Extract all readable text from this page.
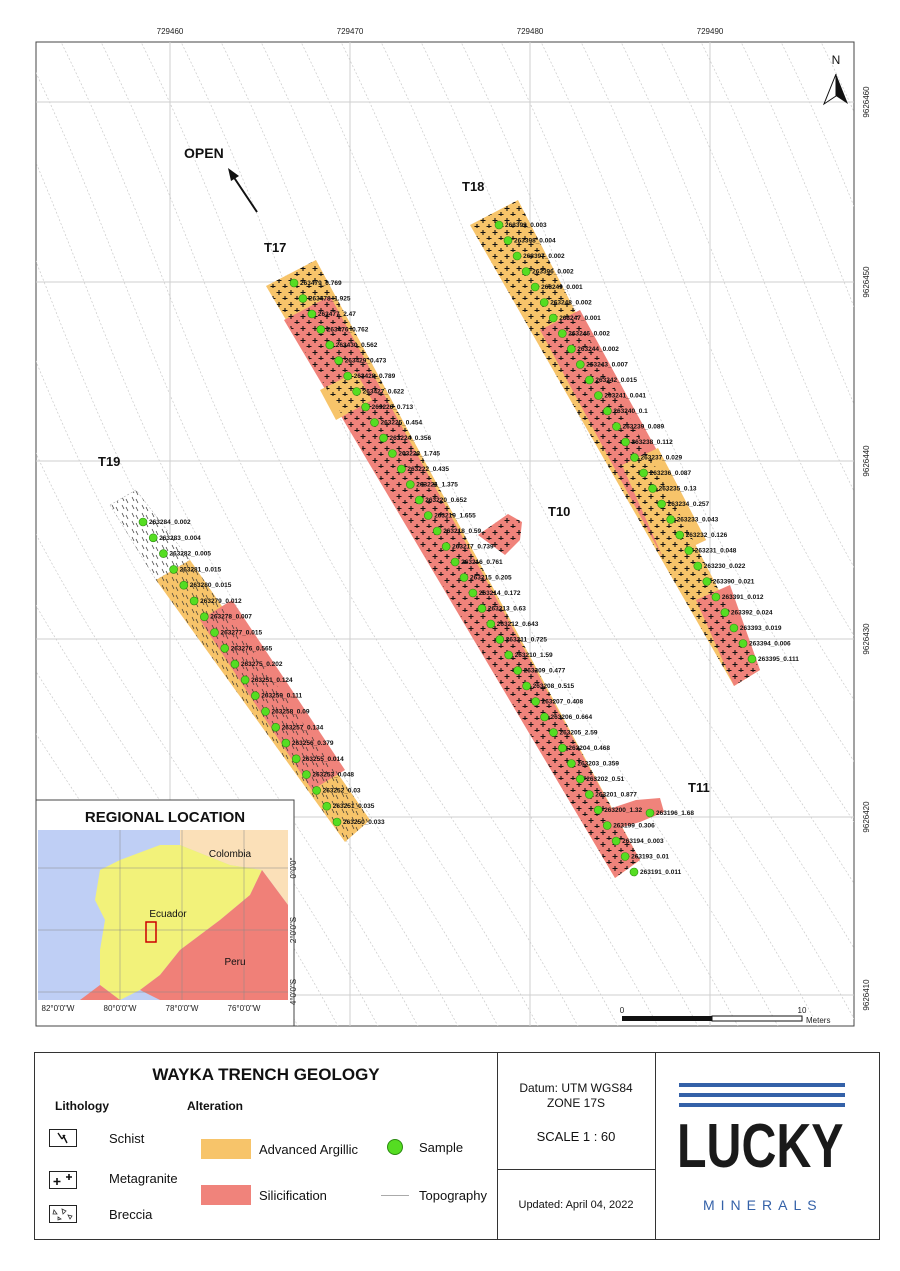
729460	729470	729480	729490
9626460
9626450
9626440
9626430
9626420
9626410
N
OPEN
263479_0.769
263478_1.925
263477_2.47
263476_0.762
263430_0.562
263429_0.473
263428_0.789
263427_0.622
263226_0.713
263225_0.454
263224_0.356
263223_1.745
263222_0.435
263221_1.375
263220_0.652
263219_1.655
263218_0.59
263217_0.739
263216_0.761
263215_0.205
263214_0.172
263213_0.63
263212_0.643
263211_0.725
263210_1.59
263209_0.477
263208_0.515
263207_0.408
263206_0.664
263205_2.59
263204_0.468
263203_0.359
263202_0.51
263201_0.877
263200_1.32
263199_0.306
263194_0.003
263193_0.01
263191_0.011
263399_0.003
263398_0.004
263397_0.002
263396_0.002
263249_0.001
263248_0.002
263247_0.001
263246_0.002
263244_0.002
263243_0.007
263242_0.015
263241_0.041
263240_0.1
263239_0.089
263238_0.112
263237_0.029
263236_0.087
263235_0.13
263234_0.257
263233_0.043
263232_0.126
263231_0.048
263230_0.022
263390_0.021
263391_0.012
263392_0.024
263393_0.019
263394_0.006
263395_0.111
263284_0.002
263283_0.004
263282_0.005
263281_0.015
263280_0.015
263279_0.012
263278_0.007
263277_0.015
263276_0.565
263275_0.202
263251_0.124
263259_0.111
263258_0.09
263257_0.134
263256_0.379
263255_0.014
263253_0.048
263252_0.03
263251_0.035
263250_0.033
263196_1.68
T17
T18
T19
T10
T11
0	10
Meters
REGIONAL LOCATION
Colombia
Ecuador
Peru
82°0'0"W	80°0'0"W	78°0'0"W	76°0'0"W
0°0'0"
2°0'0"S
4°0'0"S
WAYKA TRENCH GEOLOGY
Lithology	Alteration
Schist
Metagranite
Breccia
Advanced Argillic
Silicification
Sample
Topography
Datum: UTM WGS84
ZONE 17S
SCALE 1 : 60
Updated: April 04, 2022
LUCKY
MINERALS
